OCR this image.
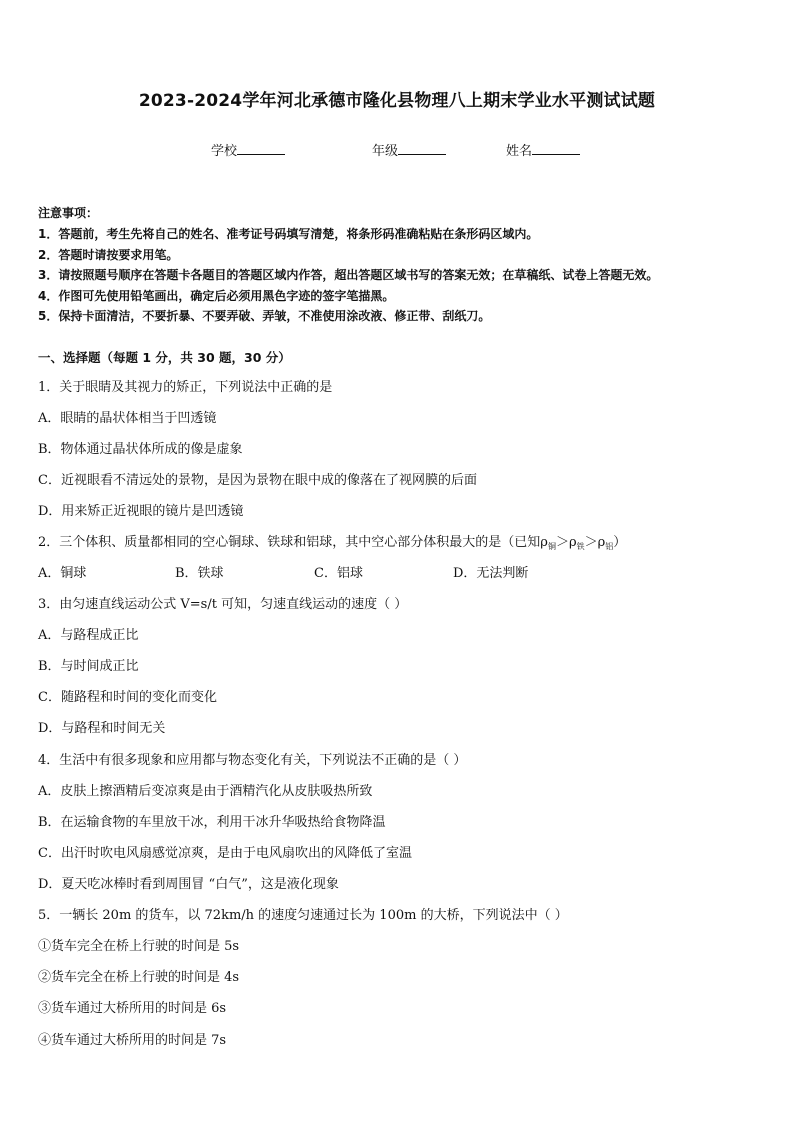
2023-2024学年河北承德市隆化县物理八上期末学业水平测试试题
学校	年级	姓名
注意事项：
1．答题前，考生先将自己的姓名、准考证号码填写清楚，将条形码准确粘贴在条形码区域内。
2．答题时请按要求用笔。
3．请按照题号顺序在答题卡各题目的答题区域内作答，超出答题区域书写的答案无效；在草稿纸、试卷上答题无效。
4．作图可先使用铅笔画出，确定后必须用黑色字迹的签字笔描黑。
5．保持卡面清洁，不要折暴、不要弄破、弄皱，不准使用涂改液、修正带、刮纸刀。
一、选择题（每题 1 分，共 30 题，30 分）
1．关于眼睛及其视力的矫正，下列说法中正确的是
A．眼睛的晶状体相当于凹透镜
B．物体通过晶状体所成的像是虚象
C．近视眼看不清远处的景物，是因为景物在眼中成的像落在了视网膜的后面
D．用来矫正近视眼的镜片是凹透镜
2．三个体积、质量都相同的空心铜球、铁球和铝球，其中空心部分体积最大的是（已知$\rho_铜>\rho_铁>\rho_铝$）
A．铜球	B．铁球	C．铝球	D．无法判断
3．由匀速直线运动公式 V=s/t 可知，匀速直线运动的速度（ ）
A．与路程成正比
B．与时间成正比
C．随路程和时间的变化而变化
D．与路程和时间无关
4．生活中有很多现象和应用都与物态变化有关，下列说法不正确的是（ ）
A．皮肤上擦酒精后变凉爽是由于酒精汽化从皮肤吸热所致
B．在运输食物的车里放干冰，利用干冰升华吸热给食物降温
C．出汗时吹电风扇感觉凉爽，是由于电风扇吹出的风降低了室温
D．夏天吃冰棒时看到周围冒 “白气”，这是液化现象
5．一辆长 20m 的货车，以 72km/h 的速度匀速通过长为 100m 的大桥，下列说法中（ ）
①货车完全在桥上行驶的时间是 5s
②货车完全在桥上行驶的时间是 4s
③货车通过大桥所用的时间是 6s
④货车通过大桥所用的时间是 7s
